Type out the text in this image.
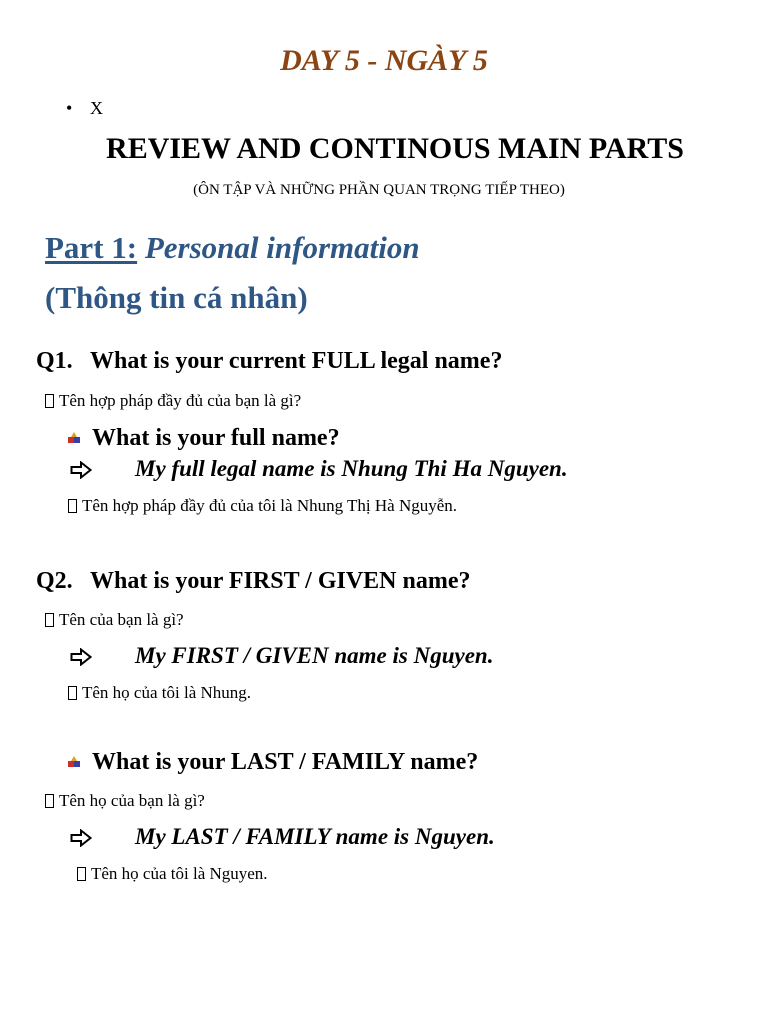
DAY 5 - NGÀY 5
• X
REVIEW AND CONTINOUS MAIN PARTS
(ÔN TẬP VÀ NHỮNG PHẦN QUAN TRỌNG TIẾP THEO)
Part 1: Personal information
(Thông tin cá nhân)
Q1. What is your current FULL legal name?
Tên hợp pháp đầy đủ của bạn là gì?
What is your full name?
My full legal name is Nhung Thi Ha Nguyen.
Tên hợp pháp đầy đủ của tôi là Nhung Thị Hà Nguyễn.
Q2. What is your FIRST / GIVEN name?
Tên của bạn là gì?
My FIRST / GIVEN name is Nguyen.
Tên họ của tôi là Nhung.
What is your LAST / FAMILY name?
Tên họ của bạn là gì?
My LAST / FAMILY name is Nguyen.
Tên họ của tôi là Nguyen.
